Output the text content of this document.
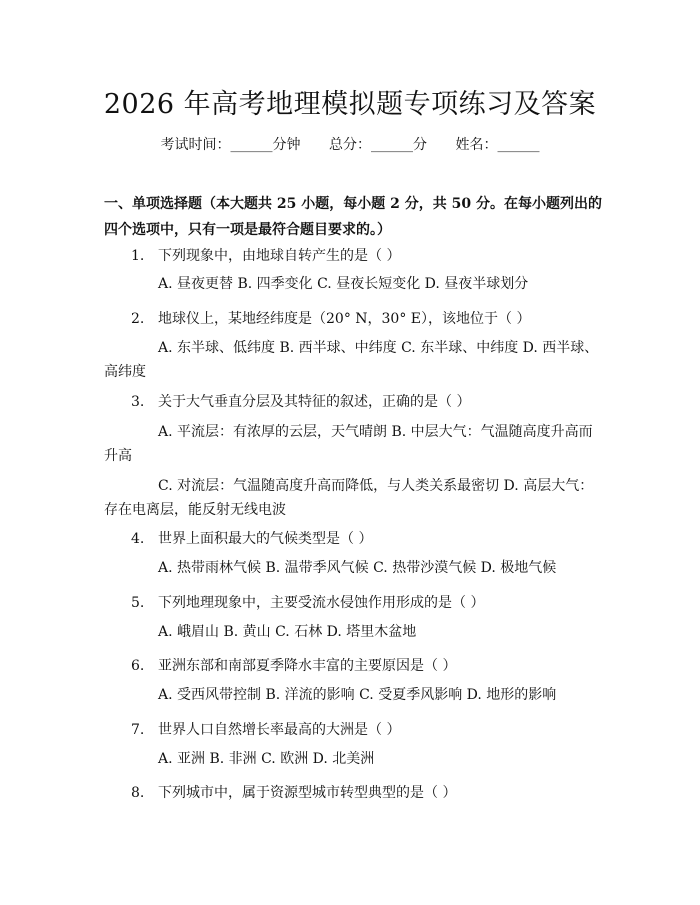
2026 年高考地理模拟题专项练习及答案
考试时间：______分钟 总分：______分 姓名：______
一、单项选择题（本大题共 25 小题，每小题 2 分，共 50 分。在每小题列出的四个选项中，只有一项是最符合题目要求的。）
1. 下列现象中，由地球自转产生的是（ ）
A. 昼夜更替 B. 四季变化 C. 昼夜长短变化 D. 昼夜半球划分
2. 地球仪上，某地经纬度是（20° N，30° E），该地位于（ ）
A. 东半球、低纬度 B. 西半球、中纬度 C. 东半球、中纬度 D. 西半球、高纬度
3. 关于大气垂直分层及其特征的叙述，正确的是（ ）
A. 平流层：有浓厚的云层，天气晴朗 B. 中层大气：气温随高度升高而升高
C. 对流层：气温随高度升高而降低，与人类关系最密切 D. 高层大气：存在电离层，能反射无线电波
4. 世界上面积最大的气候类型是（ ）
A. 热带雨林气候 B. 温带季风气候 C. 热带沙漠气候 D. 极地气候
5. 下列地理现象中，主要受流水侵蚀作用形成的是（ ）
A. 峨眉山 B. 黄山 C. 石林 D. 塔里木盆地
6. 亚洲东部和南部夏季降水丰富的主要原因是（ ）
A. 受西风带控制 B. 洋流的影响 C. 受夏季风影响 D. 地形的影响
7. 世界人口自然增长率最高的大洲是（ ）
A. 亚洲 B. 非洲 C. 欧洲 D. 北美洲
8. 下列城市中，属于资源型城市转型典型的是（ ）
